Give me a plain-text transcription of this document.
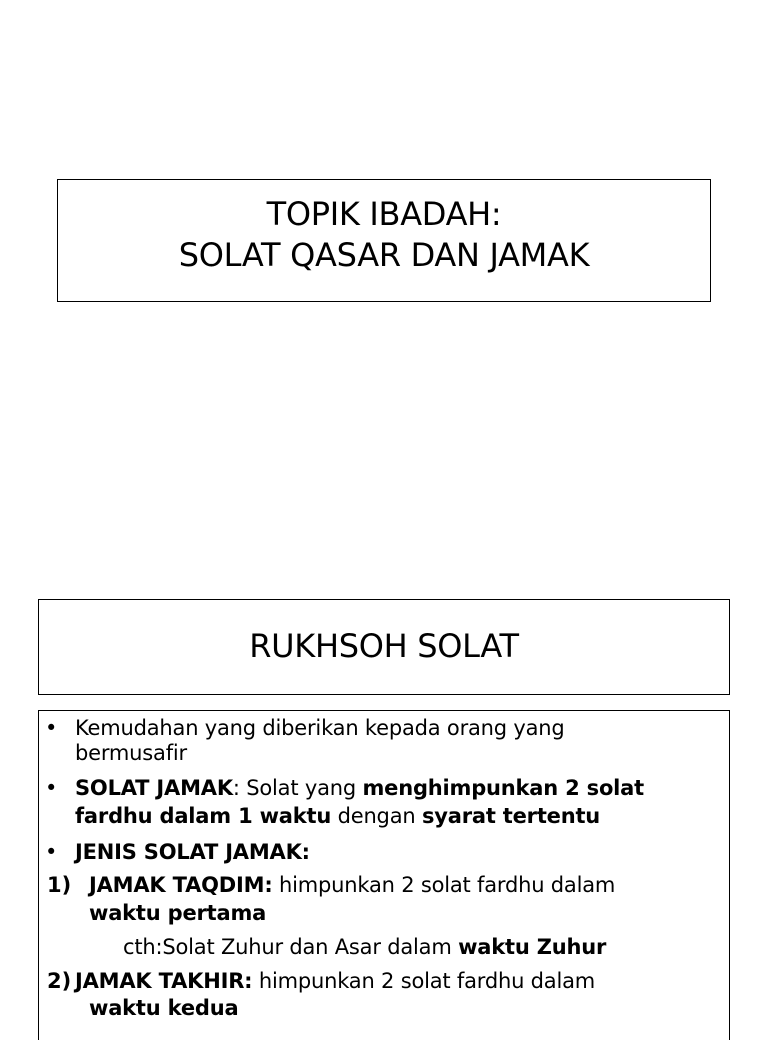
TOPIK IBADAH:
SOLAT QASAR DAN JAMAK
RUKHSOH SOLAT
• Kemudahan yang diberikan kepada orang yang
bermusafir
• SOLAT JAMAK: Solat yang menghimpunkan 2 solat
fardhu dalam 1 waktu dengan syarat tertentu
• JENIS SOLAT JAMAK:
1) JAMAK TAQDIM: himpunkan 2 solat fardhu dalam
waktu pertama
cth:Solat Zuhur dan Asar dalam waktu Zuhur
2) JAMAK TAKHIR: himpunkan 2 solat fardhu dalam
waktu kedua
